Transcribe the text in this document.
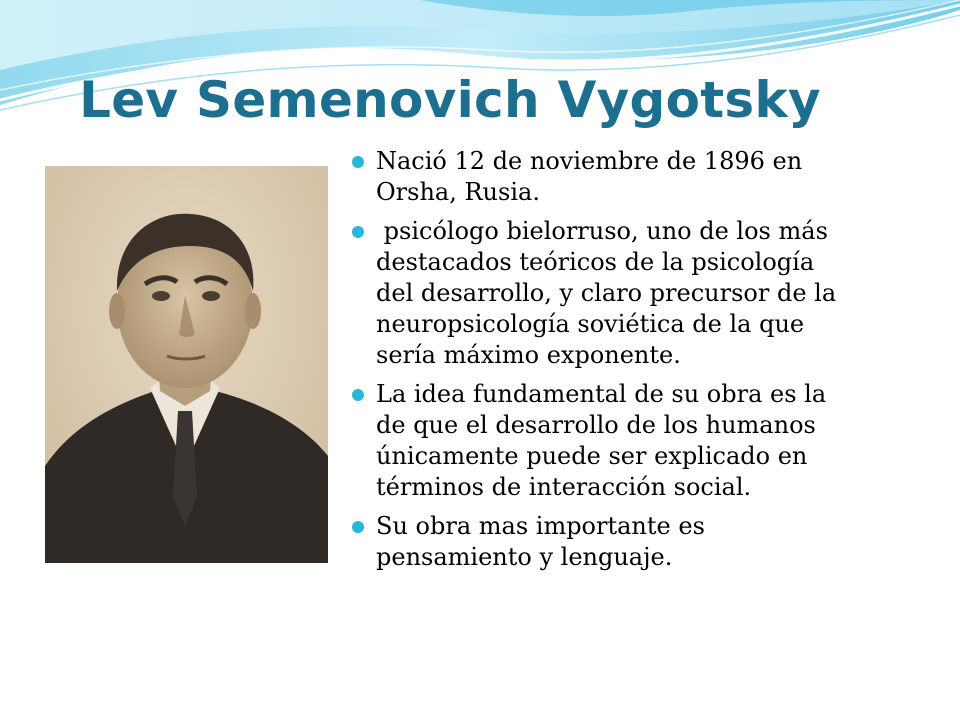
Lev Semenovich Vygotsky
Nació 12 de noviembre de 1896 en Orsha, Rusia.
psicólogo bielorruso, uno de los más destacados teóricos de la psicología del desarrollo, y claro precursor de la neuropsicología soviética de la que sería máximo exponente.
La idea fundamental de su obra es la de que el desarrollo de los humanos únicamente puede ser explicado en términos de interacción social.
Su obra mas importante es pensamiento y lenguaje.
